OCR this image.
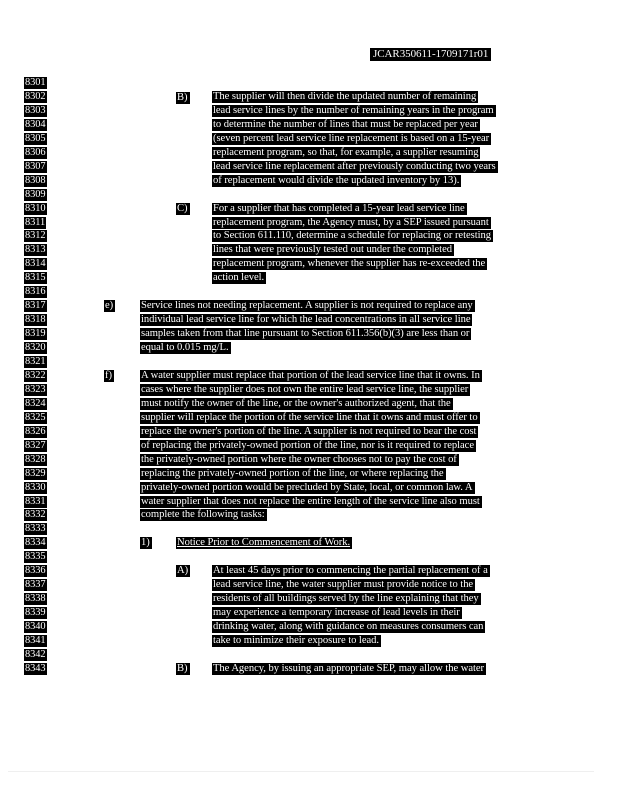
JCAR350611-1709171r01
8301
8302
8303
8304
8305
8306
8307
8308
8309
8310
8311
8312
8313
8314
8315
8316
8317
8318
8319
8320
8321
8322
8323
8324
8325
8326
8327
8328
8329
8330
8331
8332
8333
8334
8335
8336
8337
8338
8339
8340
8341
8342
8343
B) The supplier will then divide the updated number of remaining
lead service lines by the number of remaining years in the program
to determine the number of lines that must be replaced per year
(seven percent lead service line replacement is based on a 15-year
replacement program, so that, for example, a supplier resuming
lead service line replacement after previously conducting two years
of replacement would divide the updated inventory by 13).
C) For a supplier that has completed a 15-year lead service line
replacement program, the Agency must, by a SEP issued pursuant
to Section 611.110, determine a schedule for replacing or retesting
lines that were previously tested out under the completed
replacement program, whenever the supplier has re-exceeded the
action level.
e)	Service lines not needing replacement. A supplier is not required to replace any
individual lead service line for which the lead concentrations in all service line
samples taken from that line pursuant to Section 611.356(b)(3) are less than or
equal to 0.015 mg/L.
f)	A water supplier must replace that portion of the lead service line that it owns. In
cases where the supplier does not own the entire lead service line, the supplier
must notify the owner of the line, or the owner's authorized agent, that the
supplier will replace the portion of the service line that it owns and must offer to
replace the owner's portion of the line. A supplier is not required to bear the cost
of replacing the privately-owned portion of the line, nor is it required to replace
the privately-owned portion where the owner chooses not to pay the cost of
replacing the privately-owned portion of the line, or where replacing the
privately-owned portion would be precluded by State, local, or common law. A
water supplier that does not replace the entire length of the service line also must
complete the following tasks:
1)	Notice Prior to Commencement of Work.
A) At least 45 days prior to commencing the partial replacement of a
lead service line, the water supplier must provide notice to the
residents of all buildings served by the line explaining that they
may experience a temporary increase of lead levels in their
drinking water, along with guidance on measures consumers can
take to minimize their exposure to lead.
B) The Agency, by issuing an appropriate SEP, may allow the water
